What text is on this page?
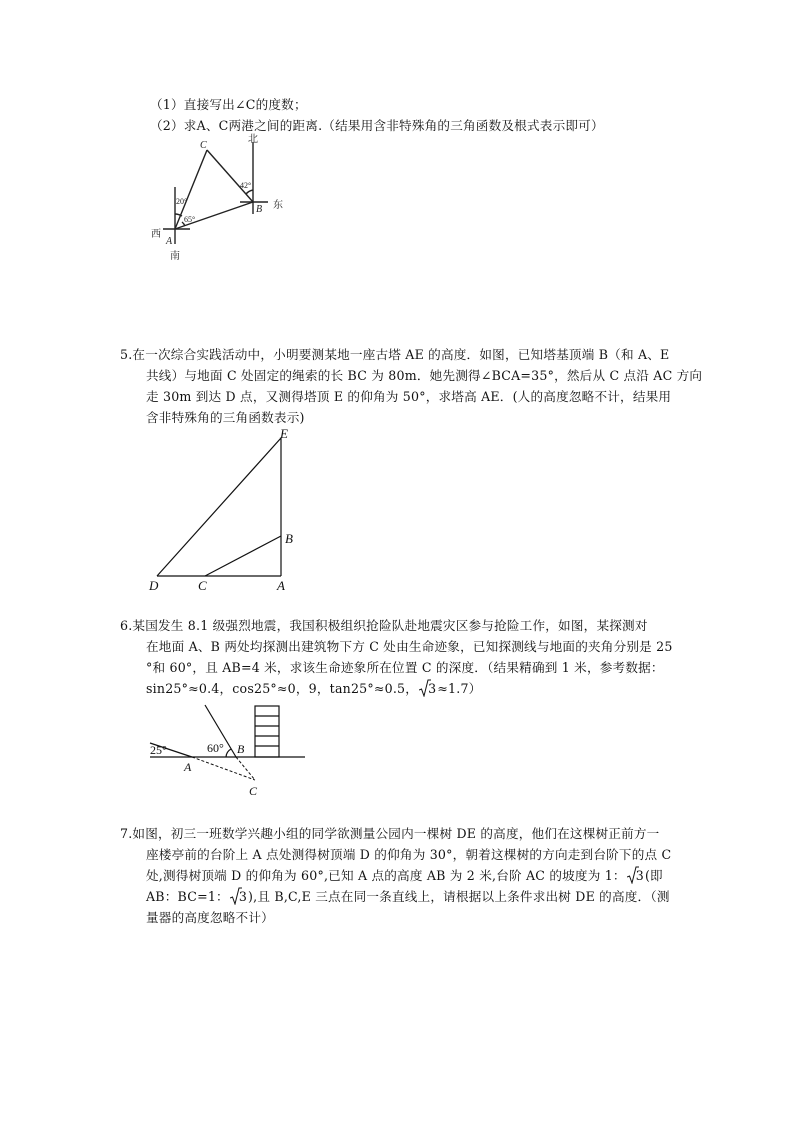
（1）直接写出∠C的度数；
（2）求A、C两港之间的距离.（结果用含非特殊角的三角函数及根式表示即可）
C
北
东
西
南
A
B
20°
65°
42°
5.在一次综合实践活动中，小明要测某地一座古塔 AE 的高度．如图，已知塔基顶端 B（和 A、E
共线）与地面 C 处固定的绳索的长 BC 为 80m．她先测得∠BCA=35°，然后从 C 点沿 AC 方向
走 30m 到达 D 点，又测得塔顶 E 的仰角为 50°，求塔高 AE．(人的高度忽略不计，结果用
含非特殊角的三角函数表示)
E
B
D	C	A
6.某国发生 8.1 级强烈地震，我国积极组织抢险队赴地震灾区参与抢险工作，如图，某探测对
在地面 A、B 两处均探测出建筑物下方 C 处由生命迹象，已知探测线与地面的夹角分别是 25
°和 60°，且 AB=4 米，求该生命迹象所在位置 C 的深度．（结果精确到 1 米，参考数据：
sin25°≈0.4，cos25°≈0，9，tan25°≈0.5， 3≈1.7）
25°	60°
A
B
C
7.如图，初三一班数学兴趣小组的同学欲测量公园内一棵树 DE 的高度，他们在这棵树正前方一
座楼亭前的台阶上 A 点处测得树顶端 D 的仰角为 30°，朝着这棵树的方向走到台阶下的点 C
处,测得树顶端 D 的仰角为 60°,已知 A 点的高度 AB 为 2 米,台阶 AC 的坡度为 1： 3(即
AB：BC=1： 3),且 B,C,E 三点在同一条直线上，请根据以上条件求出树 DE 的高度．（测
量器的高度忽略不计）
